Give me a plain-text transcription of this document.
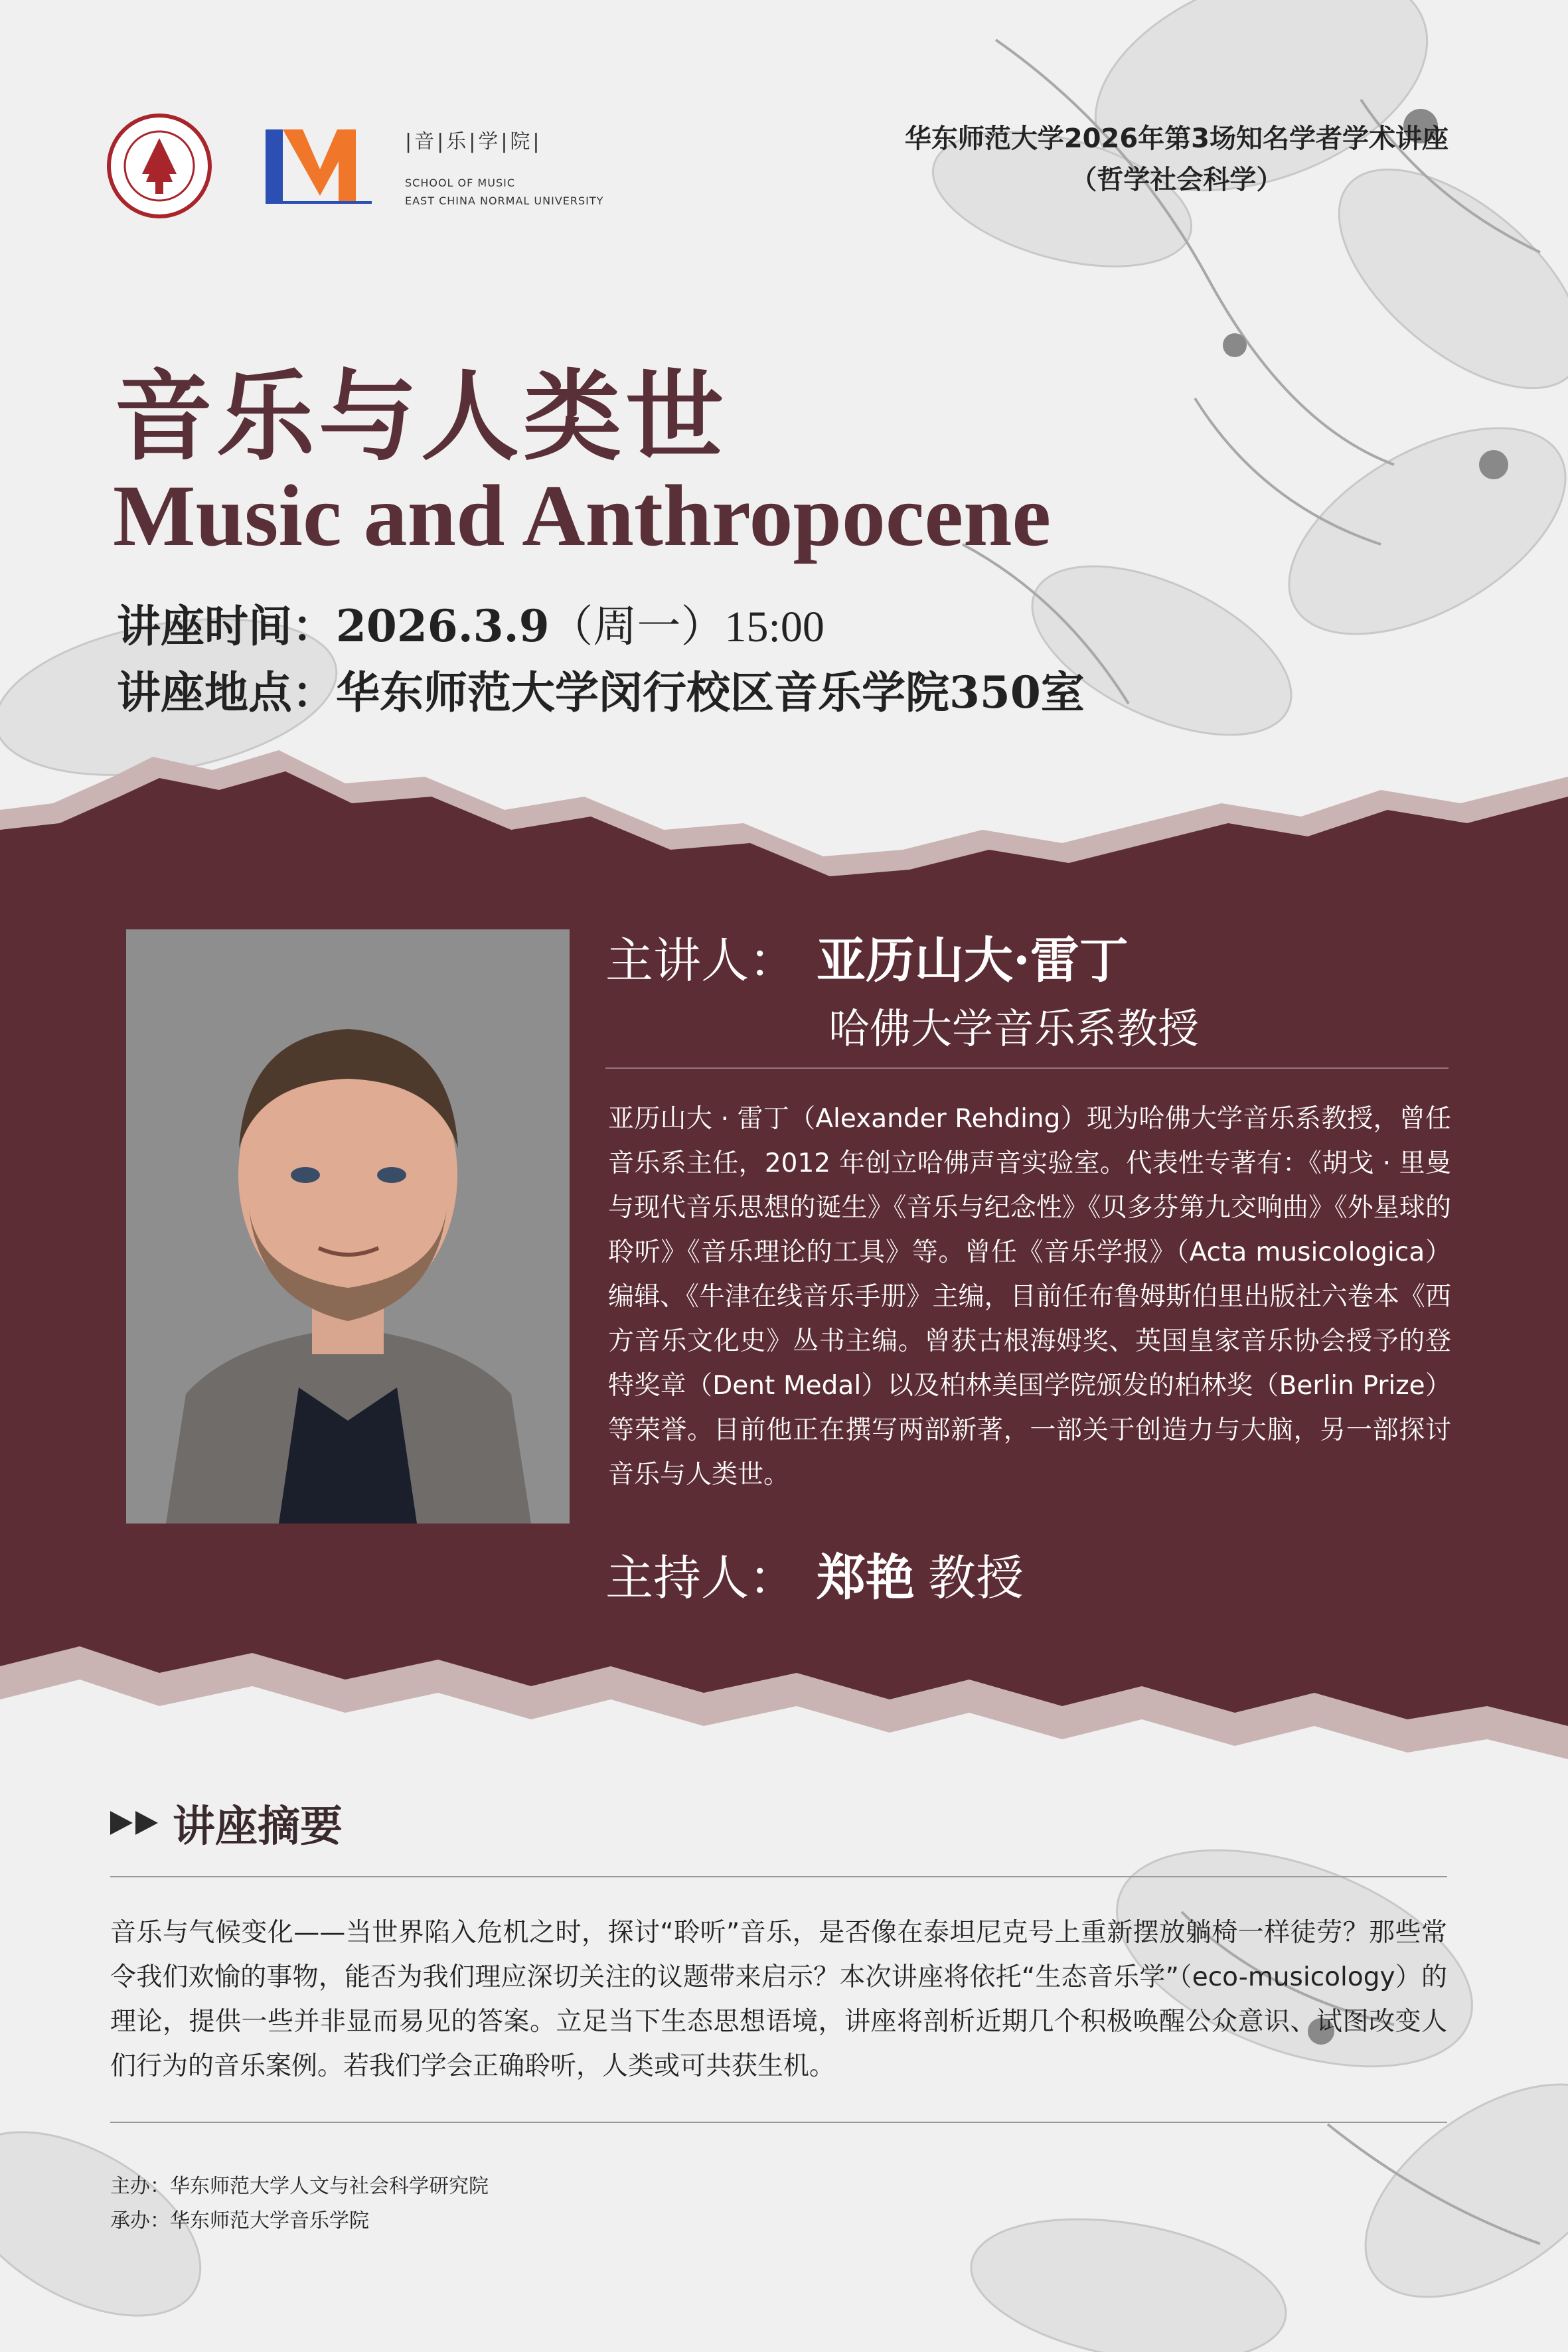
|音|乐|学|院|
SCHOOL OF MUSIC
EAST CHINA NORMAL UNIVERSITY
华东师范大学2026年第3场知名学者学术讲座
（哲学社会科学）
音乐与人类世
Music and Anthropocene
讲座时间：2026.3.9（周一）15:00
讲座地点：华东师范大学闵行校区音乐学院350室
主讲人： 亚历山大·雷丁
哈佛大学音乐系教授
亚历山大 · 雷丁（Alexander Rehding）现为哈佛大学音乐系教授，曾任音乐系主任，2012 年创立哈佛声音实验室。代表性专著有：《胡戈 · 里曼与现代音乐思想的诞生》《音乐与纪念性》《贝多芬第九交响曲》《外星球的聆听》《音乐理论的工具》等。曾任《音乐学报》（Acta musicologica）编辑、《牛津在线音乐手册》主编，目前任布鲁姆斯伯里出版社六卷本《西方音乐文化史》丛书主编。曾获古根海姆奖、英国皇家音乐协会授予的登特奖章（Dent Medal）以及柏林美国学院颁发的柏林奖（Berlin Prize）等荣誉。目前他正在撰写两部新著，一部关于创造力与大脑，另一部探讨音乐与人类世。
主持人： 郑艳 教授
讲座摘要
音乐与气候变化——当世界陷入危机之时，探讨“聆听”音乐，是否像在泰坦尼克号上重新摆放躺椅一样徒劳？那些常令我们欢愉的事物，能否为我们理应深切关注的议题带来启示？本次讲座将依托“生态音乐学”（eco-musicology）的理论，提供一些并非显而易见的答案。立足当下生态思想语境，讲座将剖析近期几个积极唤醒公众意识、试图改变人们行为的音乐案例。若我们学会正确聆听，人类或可共获生机。
主办：华东师范大学人文与社会科学研究院
承办：华东师范大学音乐学院
